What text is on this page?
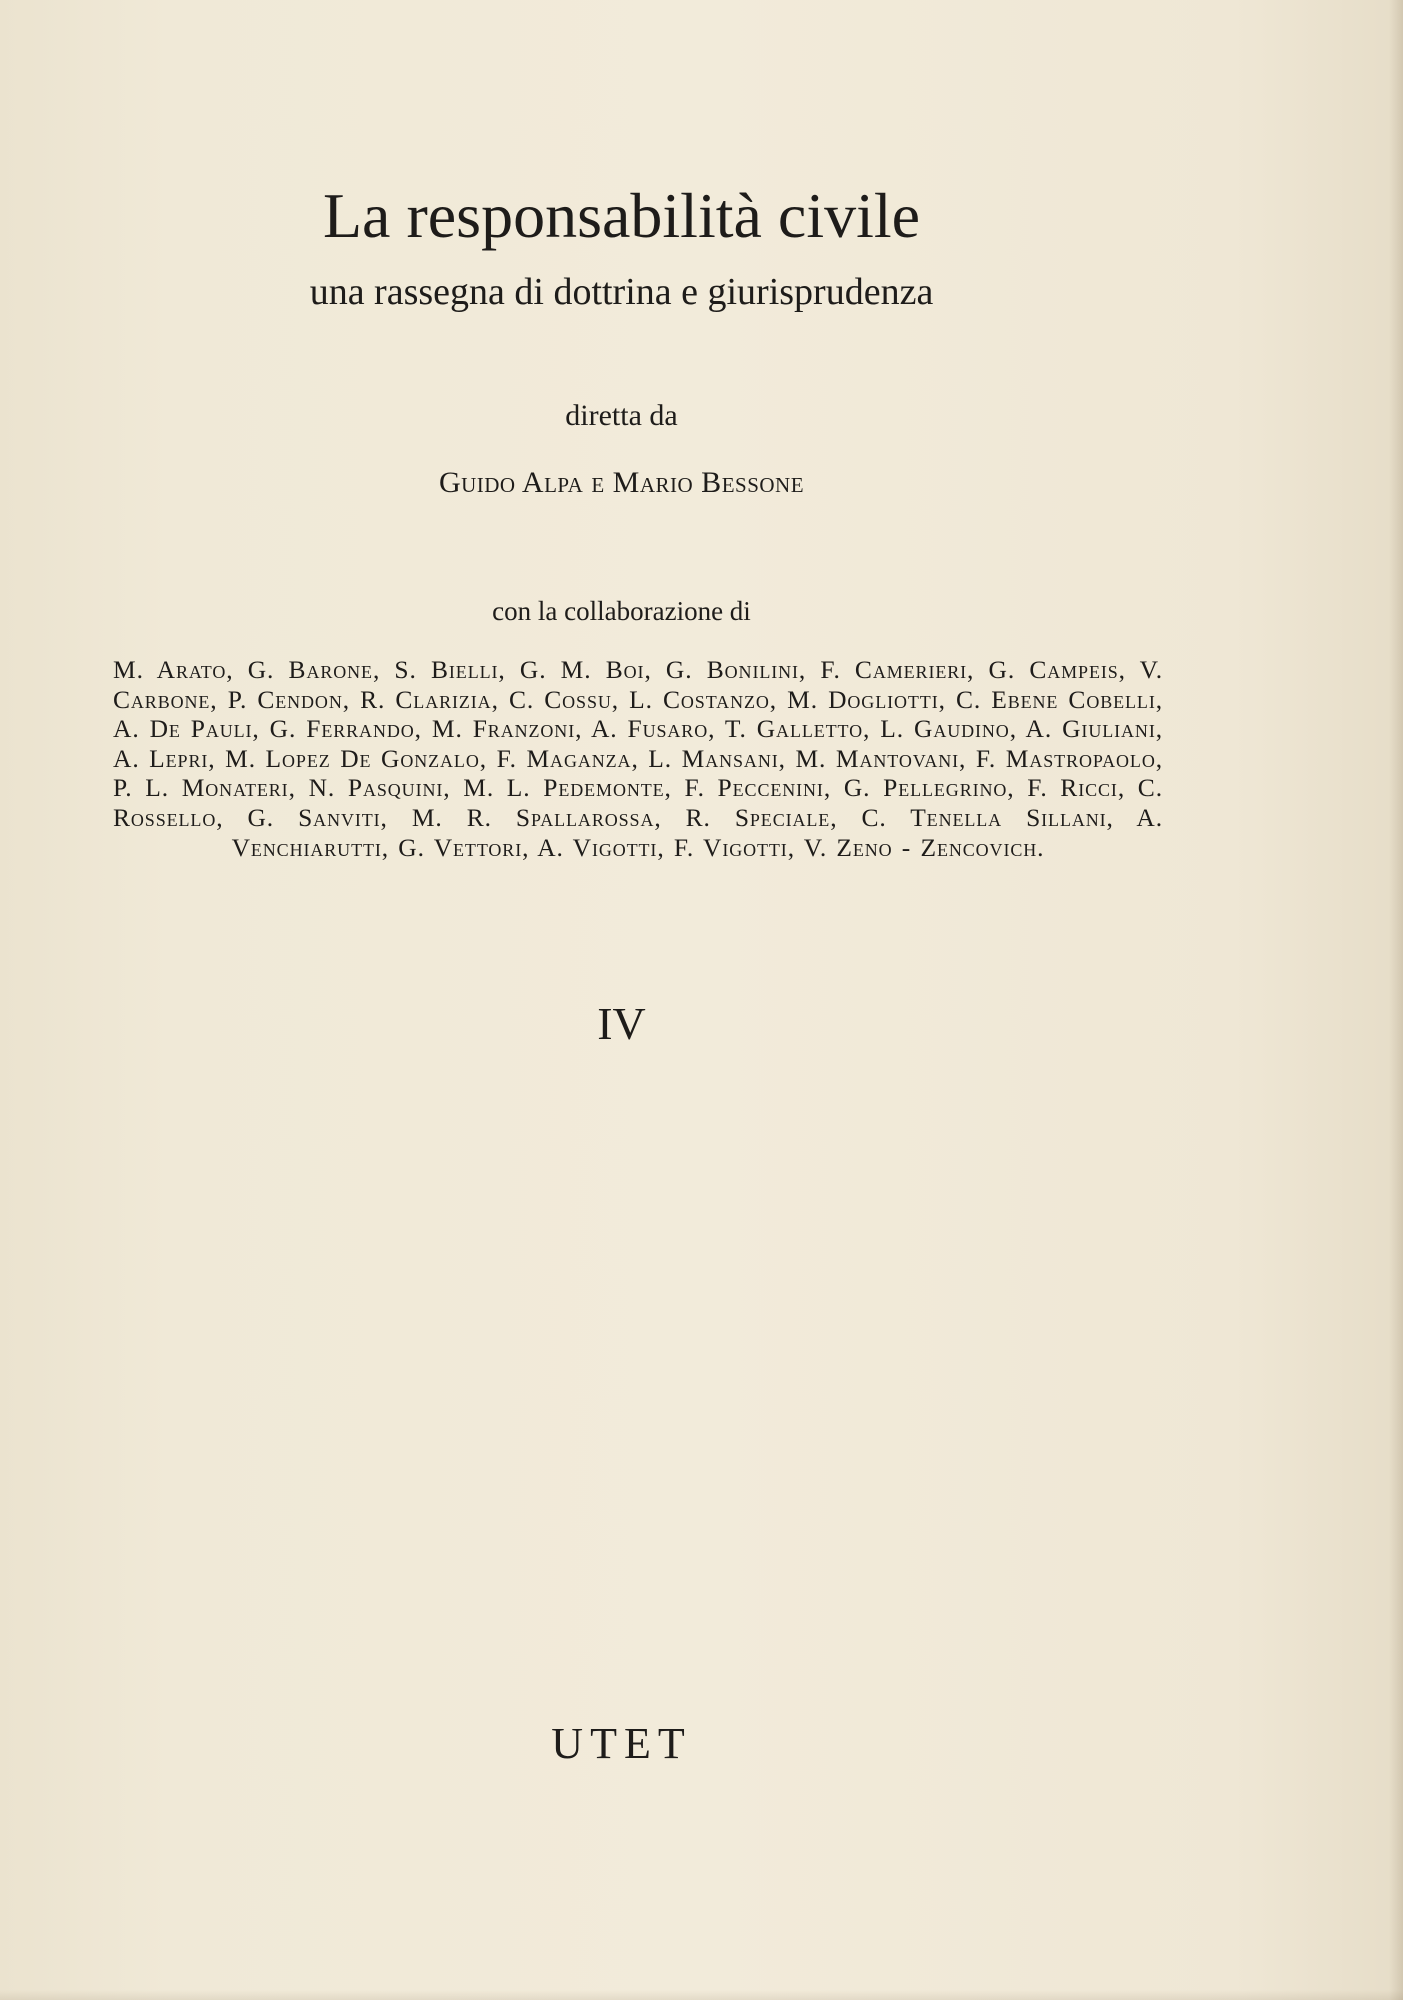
La responsabilità civile
una rassegna di dottrina e giurisprudenza
diretta da
Guido Alpa e Mario Bessone
con la collaborazione di
M. Arato, G. Barone, S. Bielli, G. M. Boi, G. Bonilini, F. Camerieri, G. Campeis, V. Carbone, P. Cendon, R. Clarizia, C. Cossu, L. Costanzo, M. Dogliotti, C. Ebene Cobelli, A. De Pauli, G. Ferrando, M. Franzoni, A. Fusaro, T. Galletto, L. Gaudino, A. Giuliani, A. Lepri, M. Lopez De Gonzalo, F. Maganza, L. Mansani, M. Mantovani, F. Mastropaolo, P. L. Monateri, N. Pasquini, M. L. Pedemonte, F. Peccenini, G. Pellegrino, F. Ricci, C. Rossello, G. Sanviti, M. R. Spallarossa, R. Speciale, C. Tenella Sillani, A. Venchiarutti, G. Vettori, A. Vigotti, F. Vigotti, V. Zeno - Zencovich.
IV
UTET
